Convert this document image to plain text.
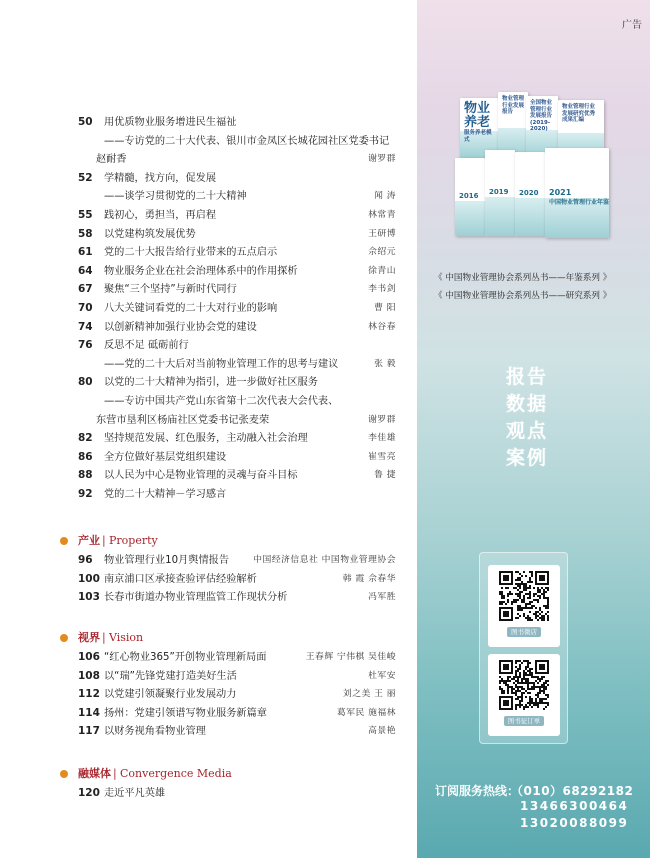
50	用优质物业服务增进民生福祉
——专访党的二十大代表、银川市金凤区长城花园社区党委书记
赵耐香	谢罗群
52	学精髓，找方向，促发展
——谈学习贯彻党的二十大精神	闻 涛
55	践初心，勇担当，再启程	林常青
58	以党建构筑发展优势	王研博
61	党的二十大报告给行业带来的五点启示	佘绍元
64	物业服务企业在社会治理体系中的作用探析	徐青山
67	聚焦“三个坚持”与新时代同行	李书剑
70	八大关键词看党的二十大对行业的影响	曹 阳
74	以创新精神加强行业协会党的建设	林谷春
76	反思不足 砥砺前行
——党的二十大后对当前物业管理工作的思考与建议	张 毅
80	以党的二十大精神为指引，进一步做好社区服务
——专访中国共产党山东省第十二次代表大会代表、
东营市垦利区杨庙社区党委书记张麦荣	谢罗群
82	坚持规范发展、红色服务，主动融入社会治理	李佳雄
86	全方位做好基层党组织建设	崔雪亮
88	以人民为中心是物业管理的灵魂与奋斗目标	鲁 捷
92	党的二十大精神－学习感言
产业 | Property
96	物业管理行业10月舆情报告	中国经济信息社 中国物业管理协会
100 南京浦口区承接查验评估经验解析	韩 霞 佘春华
103 长春市街道办物业管理监管工作现状分析	冯军胜
视界 | Vision
106 “红心物业365”开创物业管理新局面	王春辉 宁伟棋 吴佳峻
108 以“瑞”先锋党建打造美好生活	杜军安
112 以党建引领凝聚行业发展动力	刘之美 王 丽
114 扬州：党建引领谱写物业服务新篇章	葛军民 施福林
117 以财务视角看物业管理	高景艳
融媒体 | Convergence Media
120 走近平凡英雄
广告
物业 养老
服务养老模式
物业管理行业发展报告
全国物业管理行业发展报告(2019-2020)
物业管理行业发展研究优秀成果汇编
2016
2019 2020 2021
中国物业管理行业年鉴
《 中国物业管理协会系列丛书——年鉴系列 》
《 中国物业管理协会系列丛书——研究系列 》
报告
数据
观点
案例
图书微店
图书征订单
订阅服务热线：
（010）68292182
13466300464
13020088099
